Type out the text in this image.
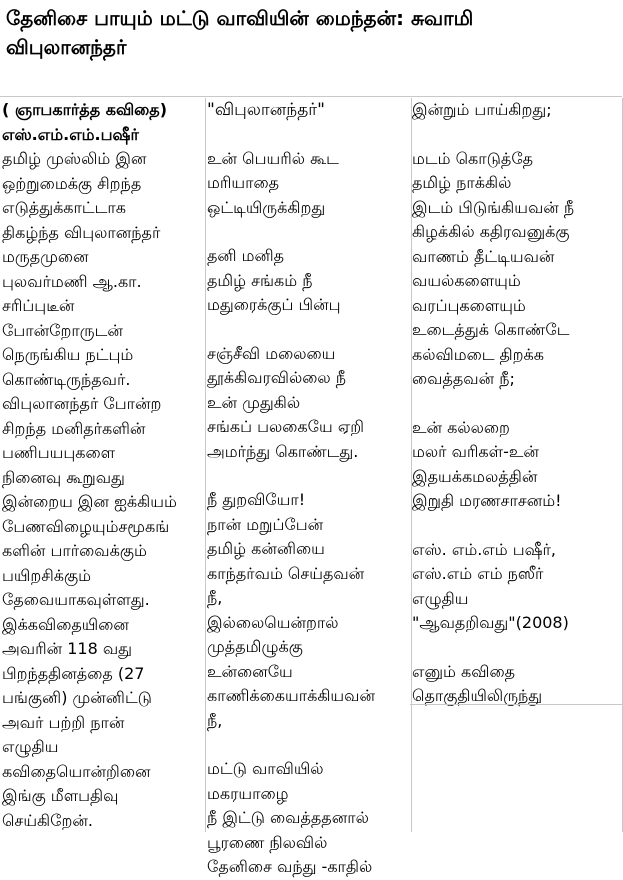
தேனிசை பாயும் மட்டு வாவியின் மைந்தன்: சுவாமி
விபுலானந்தர்
( ஞாபகார்த்த கவிதை)
எஸ்.எம்.எம்.பஷீர்
தமிழ் முஸ்லிம் இன
ஒற்றுமைக்கு சிறந்த
எடுத்துக்காட்டாக
திகழ்ந்த விபுலானந்தர்
மருதமுனை
புலவர்மணி ஆ.கா.
சரிப்புடீன்
போன்றோருடன்
நெருங்கிய நட்பும்
கொண்டிருந்தவர்.
விபுலானந்தர் போன்ற
சிறந்த மனிதர்களின்
பணிபயபுகளை
நினைவு கூறுவது
இன்றைய இன ஐக்கியம்
பேணவிழையும்சமூகங்
களின் பார்வைக்கும்
பயிறசிக்கும்
தேவையாகவுள்ளது.
இக்கவிதையினை
அவரின் 118 வது
பிறந்ததினத்தை (27
பங்குனி) முன்னிட்டு
அவர் பற்றி நான்
எழுதிய
கவிதையொன்றினை
இங்கு மீளபதிவு
செய்கிறேன்.
"விபுலானந்தர்"
உன் பெயரில் கூட
மரியாதை
ஒட்டியிருக்கிறது
தனி மனித
தமிழ் சங்கம் நீ
மதுரைக்குப் பின்பு
சஞ்சீவி மலையை
தூக்கிவரவில்லை நீ
உன் முதுகில்
சங்கப் பலகையே ஏறி
அமர்ந்து கொண்டது.
நீ துறவியோ!
நான் மறுப்பேன்
தமிழ் கன்னியை
காந்தர்வம் செய்தவன்
நீ,
இல்லையென்றால்
முத்தமிழுக்கு
உன்னையே
காணிக்கையாக்கியவன்
நீ,
மட்டு வாவியில்
மகரயாழை
நீ இட்டு வைத்ததனால்
பூரணை நிலவில்
தேனிசை வந்து -காதில்
இன்றும் பாய்கிறது;
மடம் கொடுத்தே
தமிழ் நாக்கில்
இடம் பிடுங்கியவன் நீ
கிழக்கில் கதிரவனுக்கு
வாணம் தீட்டியவன்
வயல்களையும்
வரப்புகளையும்
உடைத்துக் கொண்டே
கல்விமடை திறக்க
வைத்தவன் நீ;
உன் கல்லறை
மலர் வரிகள்-உன்
இதயக்கமலத்தின்
இறுதி மரணசாசனம்!
எஸ். எம்.எம் பஷீர்,
எஸ்.எம் எம் நஸீர்
எழுதிய
"ஆவதறிவது"(2008)
எனும் கவிதை
தொகுதியிலிருந்து
